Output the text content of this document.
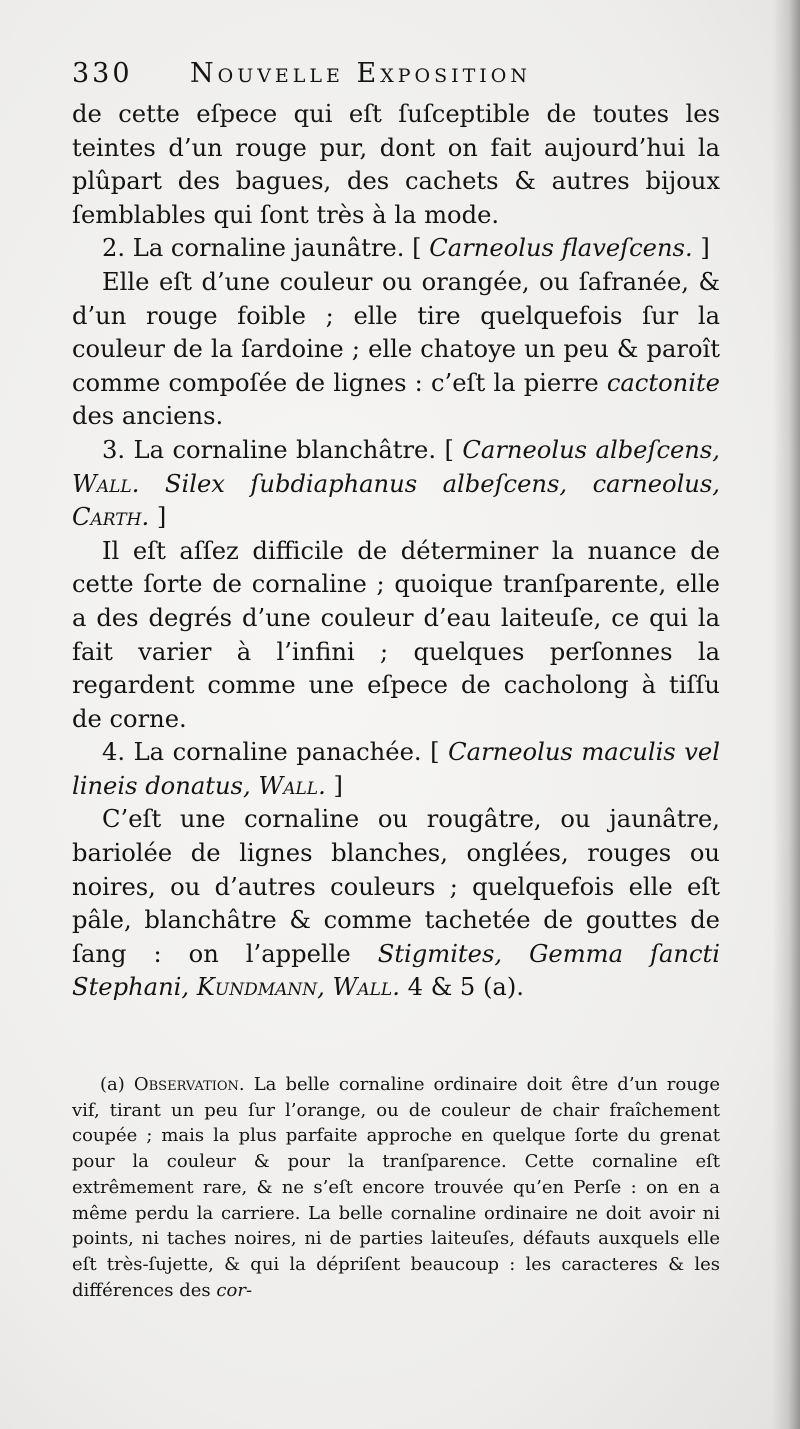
330 Nouvelle Exposition

de cette eſpece qui eſt ſuſceptible de toutes les teintes d’un rouge pur, dont on fait aujourd’hui la plûpart des bagues, des cachets & autres bijoux ſemblables qui ſont très à la mode.

2. La cornaline jaunâtre. [ Carneolus flaveſcens. ]

Elle eſt d’une couleur ou orangée, ou ſafranée, & d’un rouge foible ; elle tire quelquefois ſur la couleur de la ſardoine ; elle chatoye un peu & paroît comme compoſée de lignes : c’eſt la pierre cactonite des anciens.

3. La cornaline blanchâtre. [ Carneolus albeſcens, Wall. Silex ſubdiaphanus albeſcens, carneolus, Carth. ]

Il eſt aſſez difficile de déterminer la nuance de cette ſorte de cornaline ; quoique tranſparente, elle a des degrés d’une couleur d’eau laiteuſe, ce qui la fait varier à l’infini ; quelques perſonnes la regardent comme une eſpece de cacholong à tiſſu de corne.

4. La cornaline panachée. [ Carneolus maculis vel lineis donatus, Wall. ]

C’eſt une cornaline ou rougâtre, ou jaunâtre, bariolée de lignes blanches, onglées, rouges ou noires, ou d’autres couleurs ; quelquefois elle eſt pâle, blanchâtre & comme tachetée de gouttes de ſang : on l’appelle Stigmites, Gemma ſancti Stephani, Kundmann, Wall. 4 & 5 (a).

(a) Observation. La belle cornaline ordinaire doit être d’un rouge vif, tirant un peu ſur l’orange, ou de couleur de chair fraîchement coupée ; mais la plus parfaite approche en quelque ſorte du grenat pour la couleur & pour la tranſparence. Cette cornaline eſt extrêmement rare, & ne s’eſt encore trouvée qu’en Perſe : on en a même perdu la carriere. La belle cornaline ordinaire ne doit avoir ni points, ni taches noires, ni de parties laiteuſes, défauts auxquels elle eſt très-ſujette, & qui la dépriſent beaucoup : les caracteres & les différences des cor-
